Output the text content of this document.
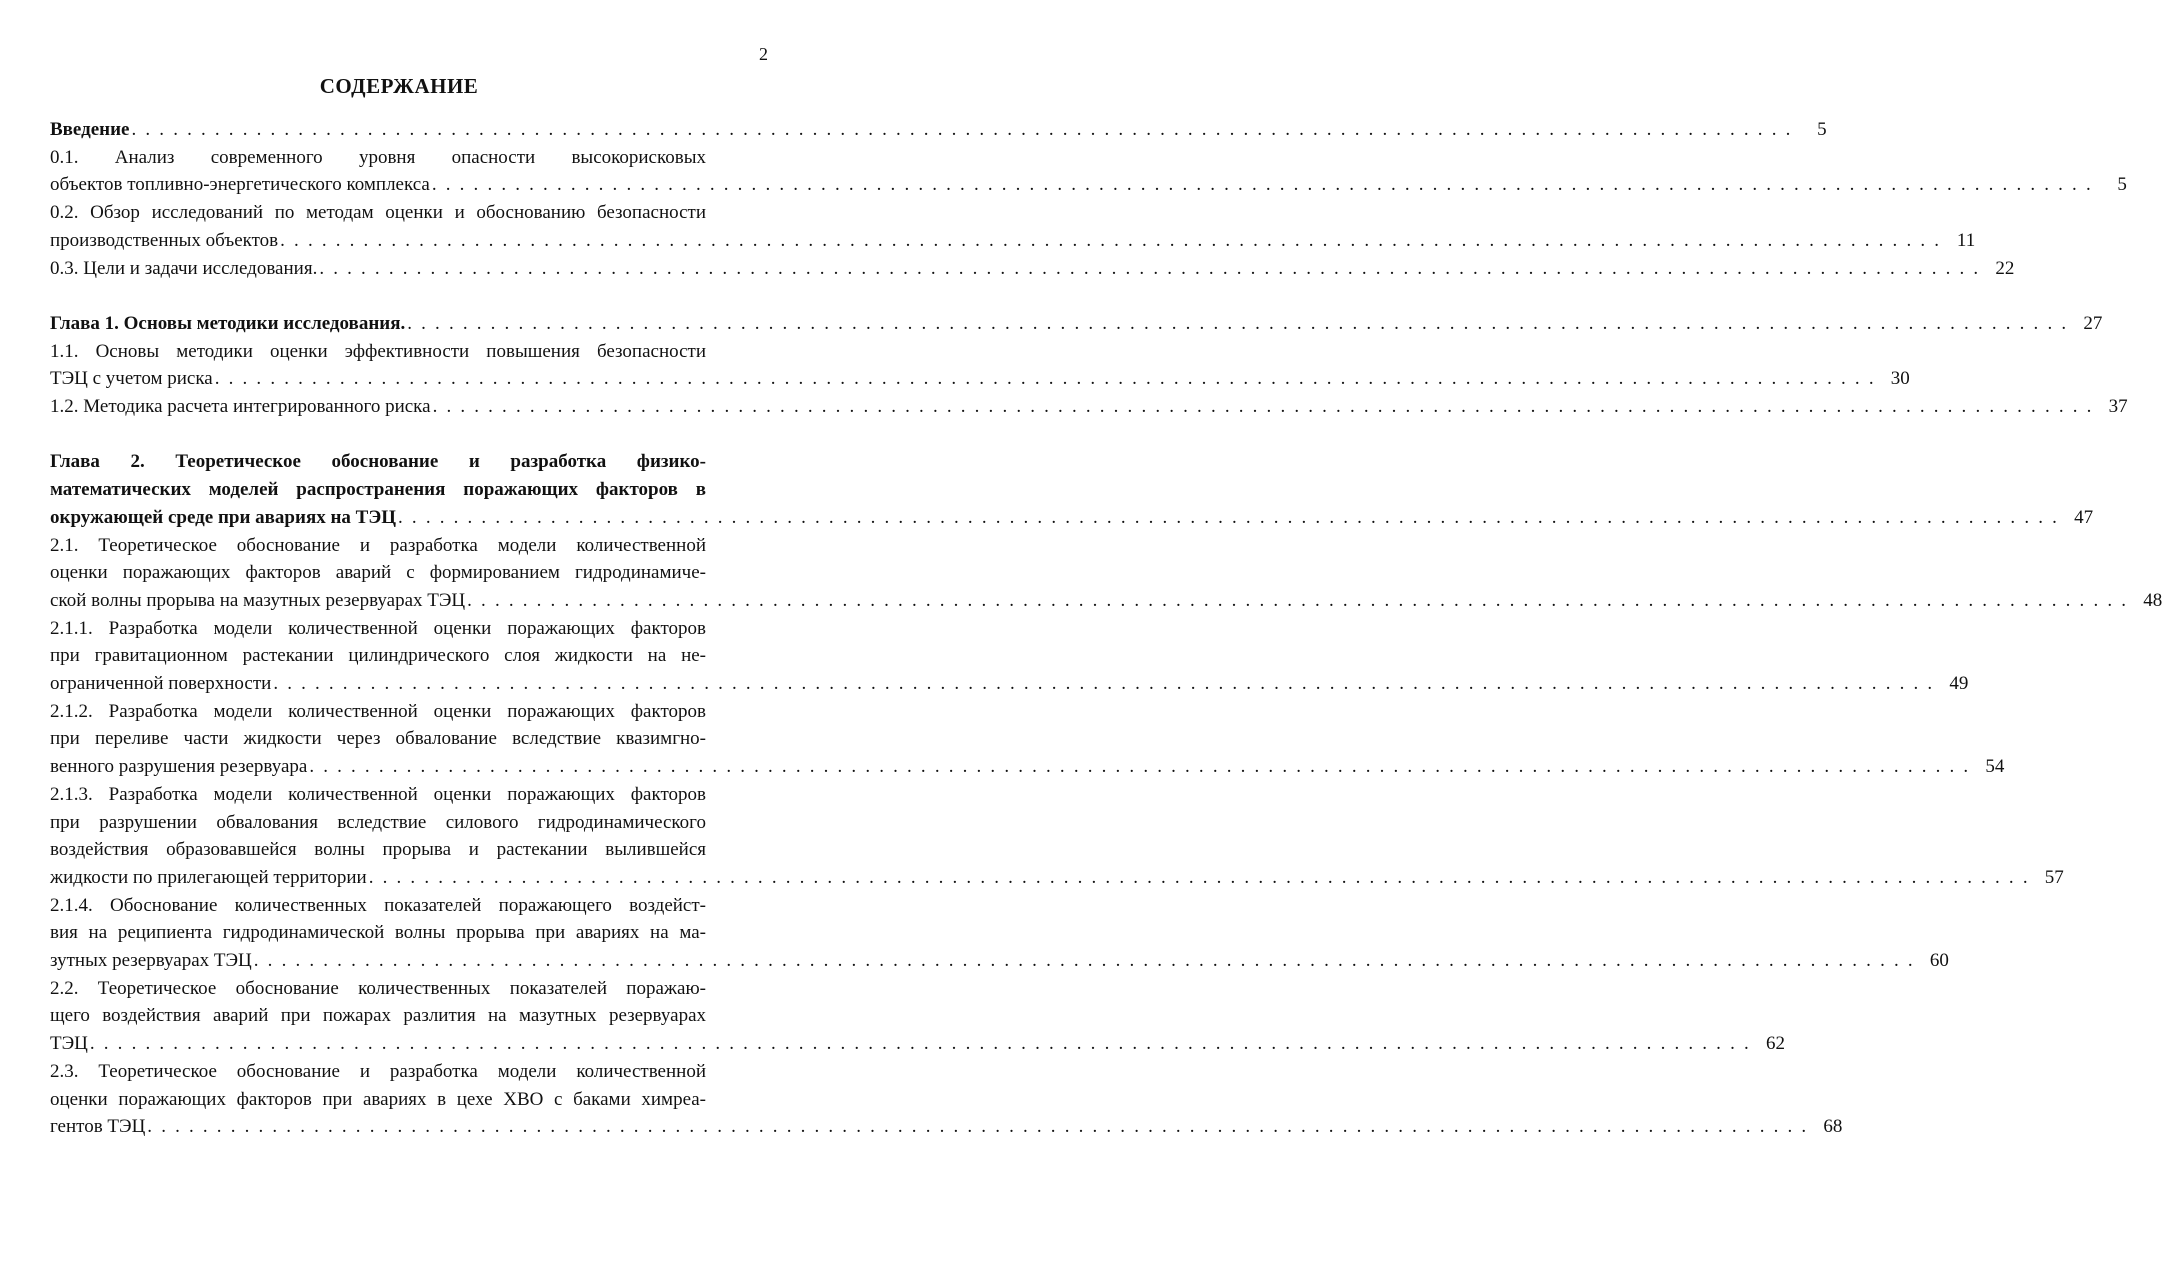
2
СОДЕРЖАНИЕ
Введение . . . . . . . . . . . . . . . . . . . . . . . . . . . . . . . . . . . . . . . . . . . . . . . . . . . . . . . . . . . . . . . . . . . . . . . . . . . . . . . . . . . . . . . . . . . . . . . . . . . . . . . . . . . . . . . . . . . . . . . .	5
0.1. Анализ современного уровня опасности высокорисковых
объектов топливно-энергетического комплекса . . . . . . . . . . . . . . . . . . . . . . . . . . . . . . . . . . . . . . . . . . . . . . . . . . . . . . . . . . . . . . . . . . . . . . . . . . . . . . . . . . . . . . . . . . . . . . . . . . . . . . . . . . . . . . . . . . . . . . . .	5
0.2. Обзор исследований по методам оценки и обоснованию безопасности
производственных объектов . . . . . . . . . . . . . . . . . . . . . . . . . . . . . . . . . . . . . . . . . . . . . . . . . . . . . . . . . . . . . . . . . . . . . . . . . . . . . . . . . . . . . . . . . . . . . . . . . . . . . . . . . . . . . . . . . . . . . . . . 11
0.3. Цели и задачи исследования. . . . . . . . . . . . . . . . . . . . . . . . . . . . . . . . . . . . . . . . . . . . . . . . . . . . . . . . . . . . . . . . . . . . . . . . . . . . . . . . . . . . . . . . . . . . . . . . . . . . . . . . . . . . . . . . . . . . . . . . . 22
Глава 1. Основы методики исследования. . . . . . . . . . . . . . . . . . . . . . . . . . . . . . . . . . . . . . . . . . . . . . . . . . . . . . . . . . . . . . . . . . . . . . . . . . . . . . . . . . . . . . . . . . . . . . . . . . . . . . . . . . . . . . . . . . . . . . . . . 27
1.1. Основы методики оценки эффективности повышения безопасности
ТЭЦ с учетом риска . . . . . . . . . . . . . . . . . . . . . . . . . . . . . . . . . . . . . . . . . . . . . . . . . . . . . . . . . . . . . . . . . . . . . . . . . . . . . . . . . . . . . . . . . . . . . . . . . . . . . . . . . . . . . . . . . . . . . . . . 30
1.2. Методика расчета интегрированного риска . . . . . . . . . . . . . . . . . . . . . . . . . . . . . . . . . . . . . . . . . . . . . . . . . . . . . . . . . . . . . . . . . . . . . . . . . . . . . . . . . . . . . . . . . . . . . . . . . . . . . . . . . . . . . . . . . . . . . . . . 37
Глава 2. Теоретическое обоснование и разработка физико-
математических моделей распространения поражающих факторов в
окружающей среде при авариях на ТЭЦ . . . . . . . . . . . . . . . . . . . . . . . . . . . . . . . . . . . . . . . . . . . . . . . . . . . . . . . . . . . . . . . . . . . . . . . . . . . . . . . . . . . . . . . . . . . . . . . . . . . . . . . . . . . . . . . . . . . . . . . . 47
2.1. Теоретическое обоснование и разработка модели количественной
оценки поражающих факторов аварий с формированием гидродинамиче-
ской волны прорыва на мазутных резервуарах ТЭЦ . . . . . . . . . . . . . . . . . . . . . . . . . . . . . . . . . . . . . . . . . . . . . . . . . . . . . . . . . . . . . . . . . . . . . . . . . . . . . . . . . . . . . . . . . . . . . . . . . . . . . . . . . . . . . . . . . . . . . . . . 48
2.1.1. Разработка модели количественной оценки поражающих факторов
при гравитационном растекании цилиндрического слоя жидкости на не-
ограниченной поверхности . . . . . . . . . . . . . . . . . . . . . . . . . . . . . . . . . . . . . . . . . . . . . . . . . . . . . . . . . . . . . . . . . . . . . . . . . . . . . . . . . . . . . . . . . . . . . . . . . . . . . . . . . . . . . . . . . . . . . . . . 49
2.1.2. Разработка модели количественной оценки поражающих факторов
при переливе части жидкости через обвалование вследствие квазимгно-
венного разрушения резервуара . . . . . . . . . . . . . . . . . . . . . . . . . . . . . . . . . . . . . . . . . . . . . . . . . . . . . . . . . . . . . . . . . . . . . . . . . . . . . . . . . . . . . . . . . . . . . . . . . . . . . . . . . . . . . . . . . . . . . . . . 54
2.1.3. Разработка модели количественной оценки поражающих факторов
при разрушении обвалования вследствие силового гидродинамического
воздействия образовавшейся волны прорыва и растекании вылившейся
жидкости по прилегающей территории . . . . . . . . . . . . . . . . . . . . . . . . . . . . . . . . . . . . . . . . . . . . . . . . . . . . . . . . . . . . . . . . . . . . . . . . . . . . . . . . . . . . . . . . . . . . . . . . . . . . . . . . . . . . . . . . . . . . . . . . 57
2.1.4. Обоснование количественных показателей поражающего воздейст-
вия на реципиента гидродинамической волны прорыва при авариях на ма-
зутных резервуарах ТЭЦ . . . . . . . . . . . . . . . . . . . . . . . . . . . . . . . . . . . . . . . . . . . . . . . . . . . . . . . . . . . . . . . . . . . . . . . . . . . . . . . . . . . . . . . . . . . . . . . . . . . . . . . . . . . . . . . . . . . . . . . . 60
2.2. Теоретическое обоснование количественных показателей поражаю-
щего воздействия аварий при пожарах разлития на мазутных резервуарах
ТЭЦ . . . . . . . . . . . . . . . . . . . . . . . . . . . . . . . . . . . . . . . . . . . . . . . . . . . . . . . . . . . . . . . . . . . . . . . . . . . . . . . . . . . . . . . . . . . . . . . . . . . . . . . . . . . . . . . . . . . . . . . . 62
2.3. Теоретическое обоснование и разработка модели количественной
оценки поражающих факторов при авариях в цехе ХВО с баками химреа-
гентов ТЭЦ . . . . . . . . . . . . . . . . . . . . . . . . . . . . . . . . . . . . . . . . . . . . . . . . . . . . . . . . . . . . . . . . . . . . . . . . . . . . . . . . . . . . . . . . . . . . . . . . . . . . . . . . . . . . . . . . . . . . . . . . 68
